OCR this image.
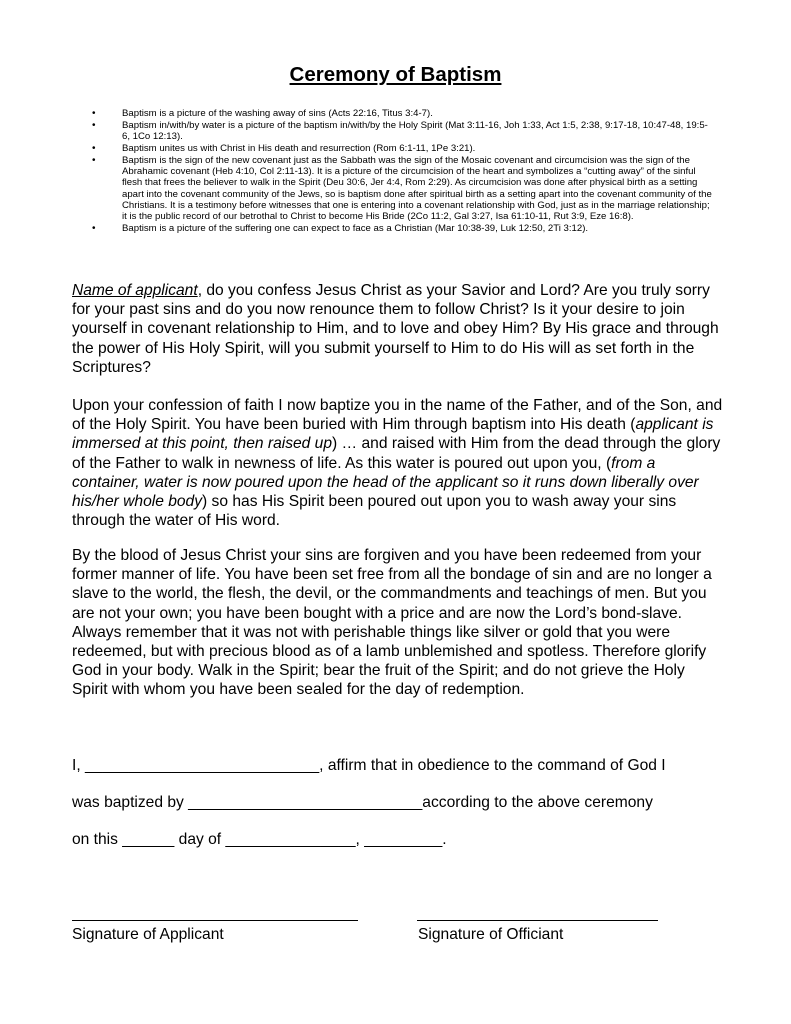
Ceremony of Baptism
• Baptism is a picture of the washing away of sins (Acts 22:16, Titus 3:4-7).
• Baptism in/with/by water is a picture of the baptism in/with/by the Holy Spirit (Mat 3:11-16, Joh 1:33, Act 1:5, 2:38, 9:17-18, 10:47-48, 19:5-6, 1Co 12:13).
• Baptism unites us with Christ in His death and resurrection (Rom 6:1-11, 1Pe 3:21).
• Baptism is the sign of the new covenant just as the Sabbath was the sign of the Mosaic covenant and circumcision was the sign of the Abrahamic covenant (Heb 4:10, Col 2:11-13). It is a picture of the circumcision of the heart and symbolizes a “cutting away” of the sinful flesh that frees the believer to walk in the Spirit (Deu 30:6, Jer 4:4, Rom 2:29). As circumcision was done after physical birth as a setting apart into the covenant community of the Jews, so is baptism done after spiritual birth as a setting apart into the covenant community of the Christians. It is a testimony before witnesses that one is entering into a covenant relationship with God, just as in the marriage relationship; it is the public record of our betrothal to Christ to become His Bride (2Co 11:2, Gal 3:27, Isa 61:10-11, Rut 3:9, Eze 16:8).
• Baptism is a picture of the suffering one can expect to face as a Christian (Mar 10:38-39, Luk 12:50, 2Ti 3:12).

Name of applicant, do you confess Jesus Christ as your Savior and Lord? Are you truly sorry for your past sins and do you now renounce them to follow Christ? Is it your desire to join yourself in covenant relationship to Him, and to love and obey Him? By His grace and through the power of His Holy Spirit, will you submit yourself to Him to do His will as set forth in the Scriptures?

Upon your confession of faith I now baptize you in the name of the Father, and of the Son, and of the Holy Spirit. You have been buried with Him through baptism into His death (applicant is immersed at this point, then raised up) … and raised with Him from the dead through the glory of the Father to walk in newness of life. As this water is poured out upon you, (from a container, water is now poured upon the head of the applicant so it runs down liberally over his/her whole body) so has His Spirit been poured out upon you to wash away your sins through the water of His word.

By the blood of Jesus Christ your sins are forgiven and you have been redeemed from your former manner of life. You have been set free from all the bondage of sin and are no longer a slave to the world, the flesh, the devil, or the commandments and teachings of men. But you are not your own; you have been bought with a price and are now the Lord’s bond-slave. Always remember that it was not with perishable things like silver or gold that you were redeemed, but with precious blood as of a lamb unblemished and spotless. Therefore glorify God in your body. Walk in the Spirit; bear the fruit of the Spirit; and do not grieve the Holy Spirit with whom you have been sealed for the day of redemption.

I, ___________________________, affirm that in obedience to the command of God I
was baptized by ___________________________according to the above ceremony
on this ______ day of _______________, _________.
Signature of Applicant	Signature of Officiant
